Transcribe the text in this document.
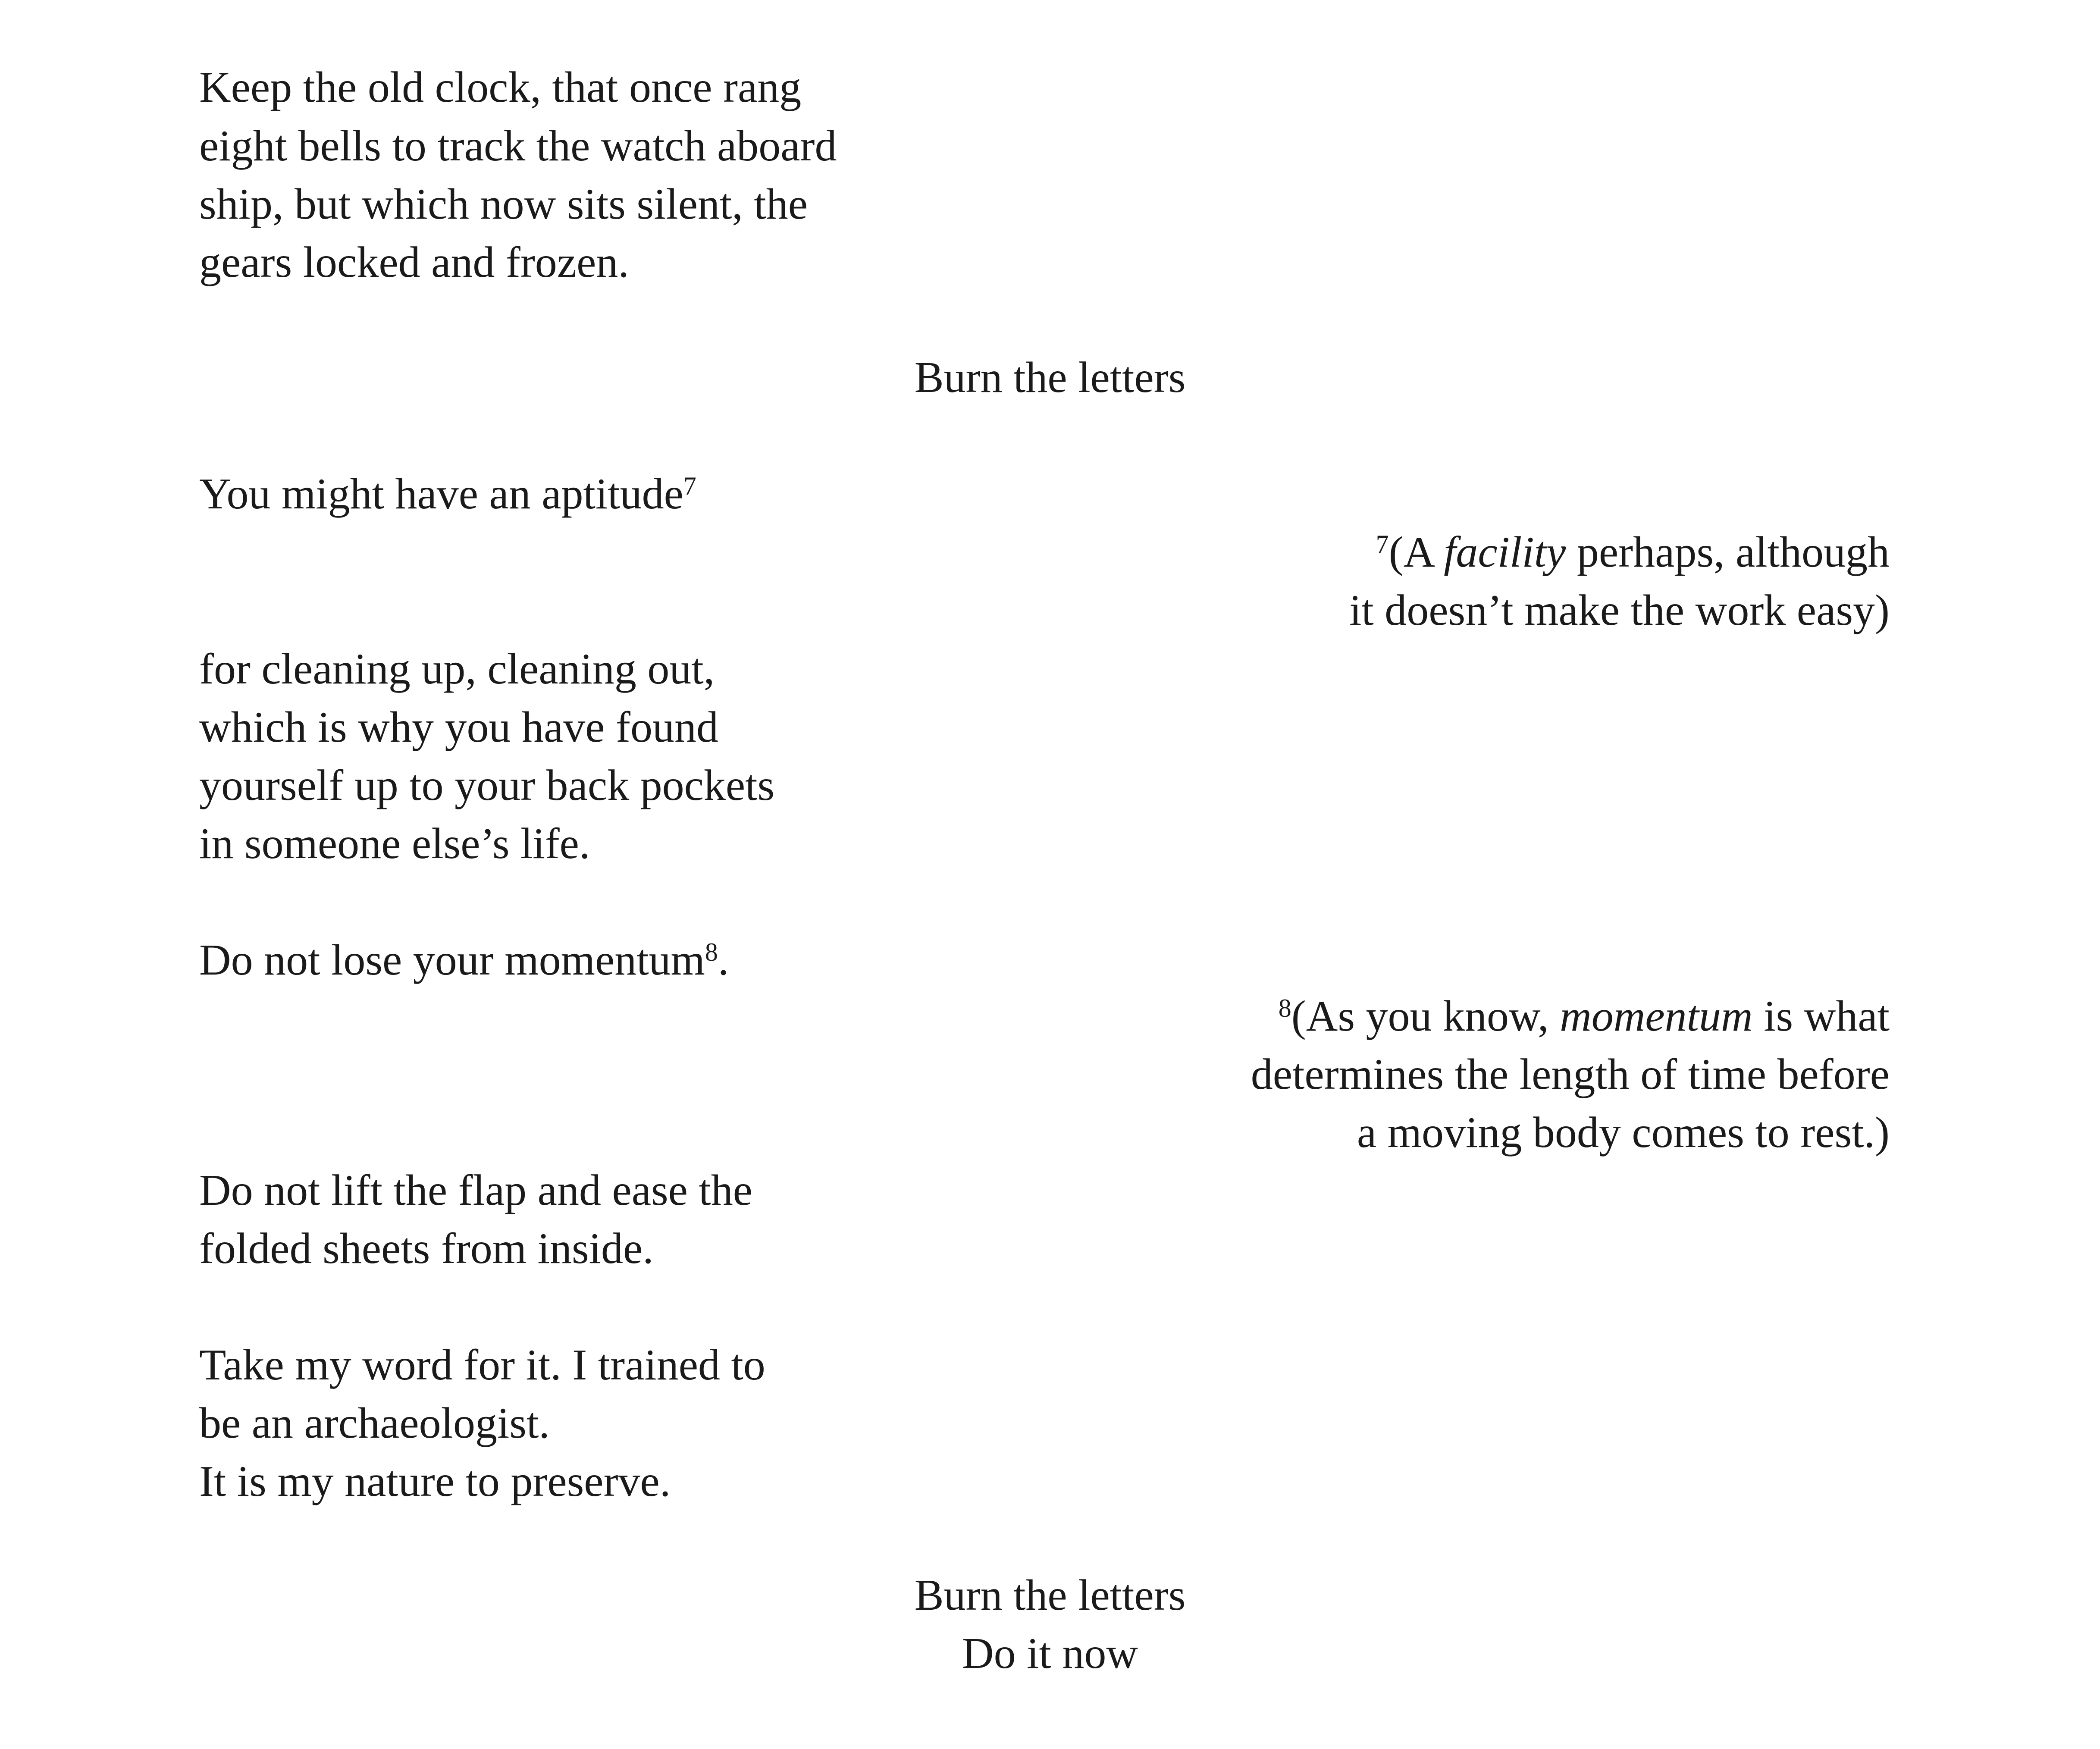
Keep the old clock, that once rang
eight bells to track the watch aboard
ship, but which now sits silent, the
gears locked and frozen.
Burn the letters
You might have an aptitude$^7$
$^7$(A facility perhaps, although
it doesn’t make the work easy)
for cleaning up, cleaning out,
which is why you have found
yourself up to your back pockets
in someone else’s life.
Do not lose your momentum$^8$.
$^8$(As you know, momentum is what
determines the length of time before
a moving body comes to rest.)
Do not lift the flap and ease the
folded sheets from inside.
Take my word for it. I trained to
be an archaeologist.
It is my nature to preserve.
Burn the letters
Do it now
